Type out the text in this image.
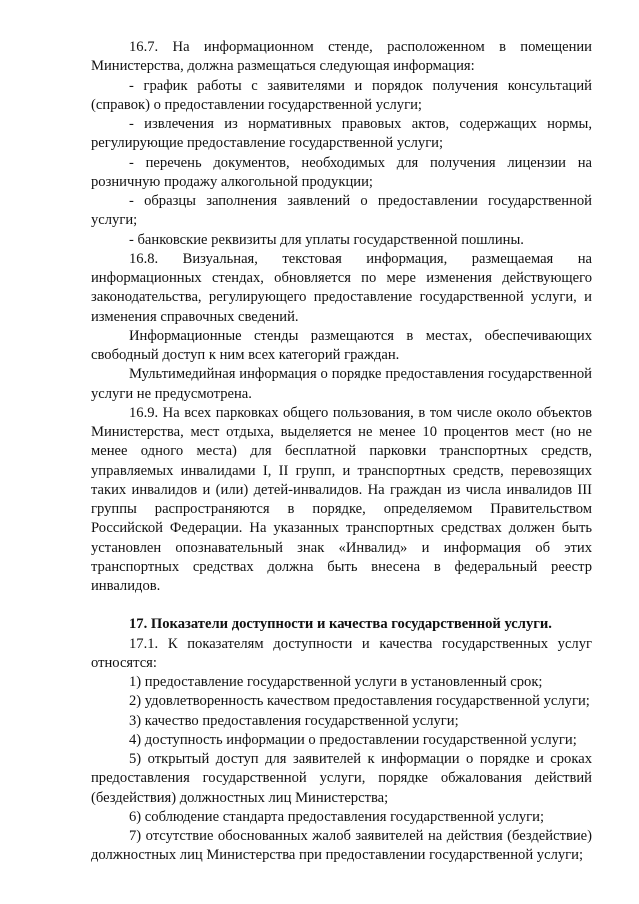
16.7. На информационном стенде, расположенном в помещении Министерства, должна размещаться следующая информация:

- график работы с заявителями и порядок получения консультаций (справок) о предоставлении государственной услуги;

- извлечения из нормативных правовых актов, содержащих нормы, регулирующие предоставление государственной услуги;

- перечень документов, необходимых для получения лицензии на розничную продажу алкогольной продукции;

- образцы заполнения заявлений о предоставлении государственной услуги;

- банковские реквизиты для уплаты государственной пошлины.

16.8. Визуальная, текстовая информация, размещаемая на информационных стендах, обновляется по мере изменения действующего законодательства, регулирующего предоставление государственной услуги, и изменения справочных сведений.

Информационные стенды размещаются в местах, обеспечивающих свободный доступ к ним всех категорий граждан.

Мультимедийная информация о порядке предоставления государственной услуги не предусмотрена.

16.9. На всех парковках общего пользования, в том числе около объектов Министерства, мест отдыха, выделяется не менее 10 процентов мест (но не менее одного места) для бесплатной парковки транспортных средств, управляемых инвалидами I, II групп, и транспортных средств, перевозящих таких инвалидов и (или) детей-инвалидов. На граждан из числа инвалидов III группы распространяются в порядке, определяемом Правительством Российской Федерации. На указанных транспортных средствах должен быть установлен опознавательный знак «Инвалид» и информация об этих транспортных средствах должна быть внесена в федеральный реестр инвалидов.

17. Показатели доступности и качества государственной услуги.

17.1. К показателям доступности и качества государственных услуг относятся:

1) предоставление государственной услуги в установленный срок;

2) удовлетворенность качеством предоставления государственной услуги;

3) качество предоставления государственной услуги;

4) доступность информации о предоставлении государственной услуги;

5) открытый доступ для заявителей к информации о порядке и сроках предоставления государственной услуги, порядке обжалования действий (бездействия) должностных лиц Министерства;

6) соблюдение стандарта предоставления государственной услуги;

7) отсутствие обоснованных жалоб заявителей на действия (бездействие) должностных лиц Министерства при предоставлении государственной услуги;
